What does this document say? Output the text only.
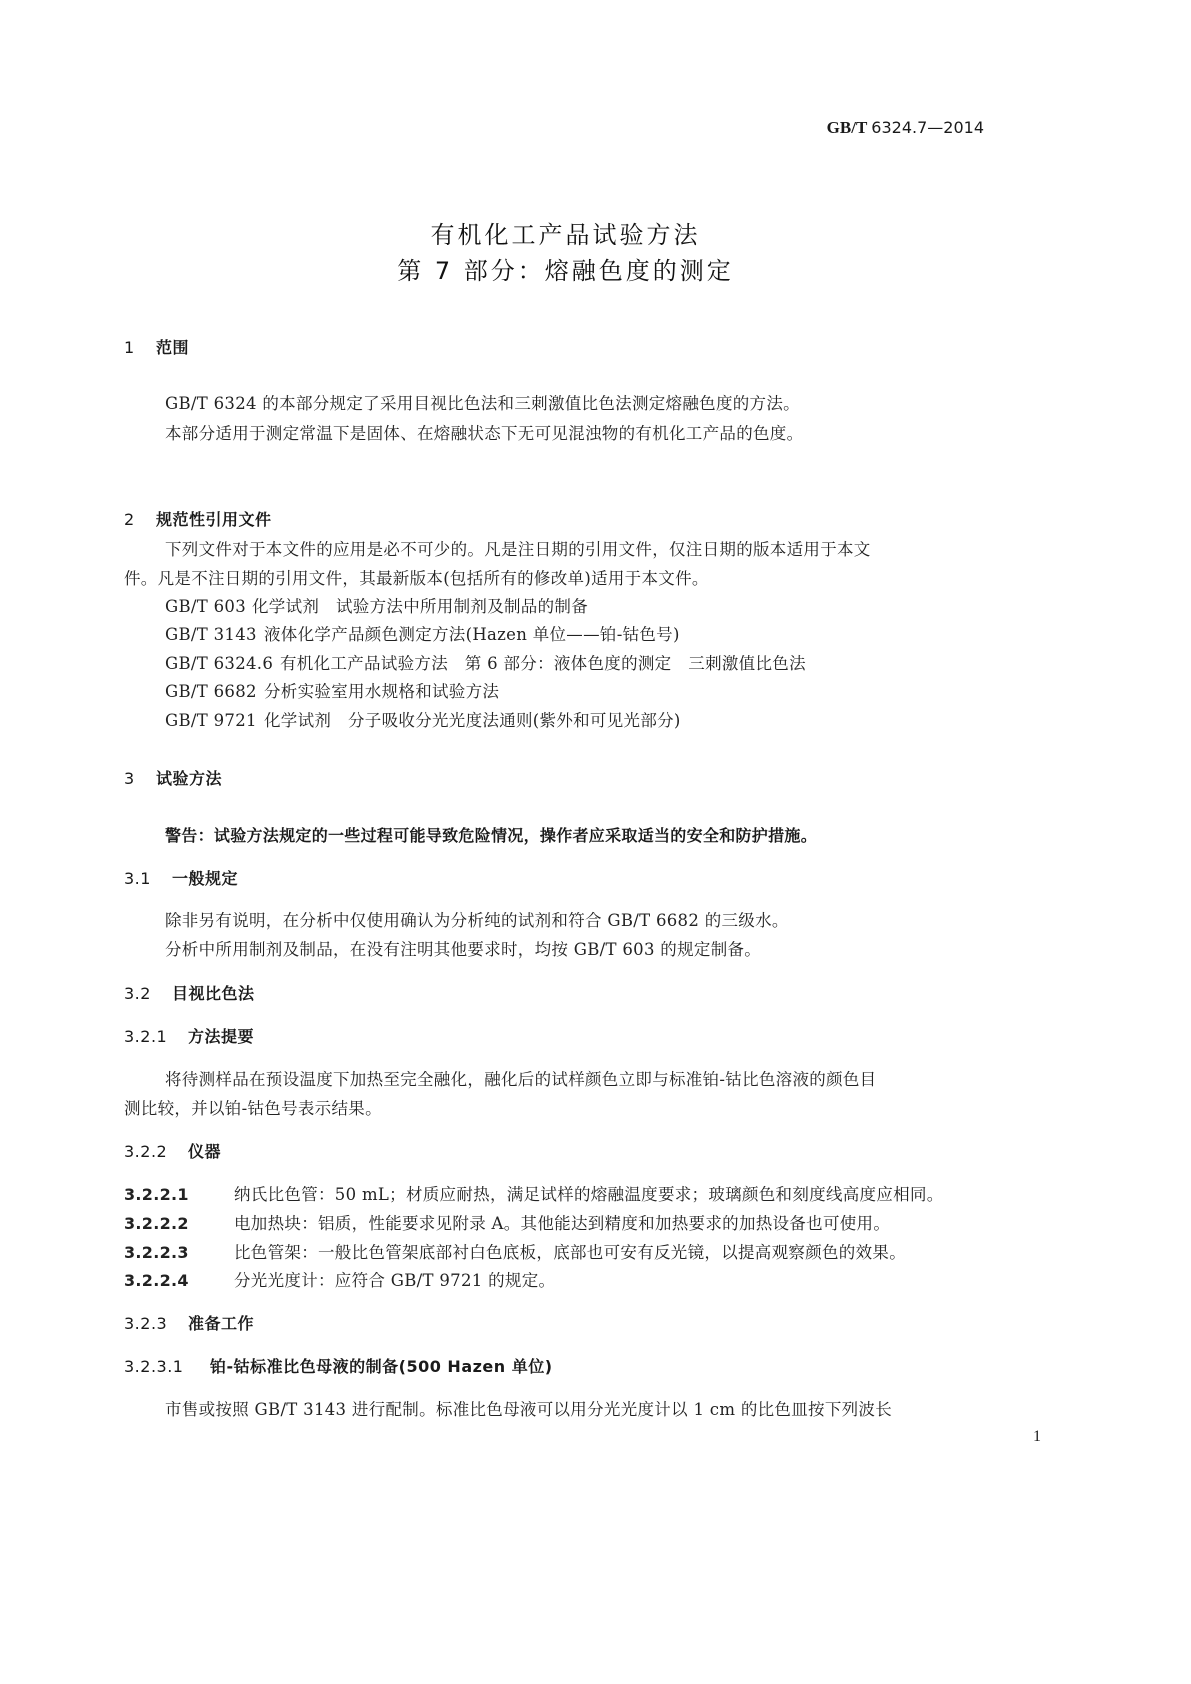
GB/T 6324.7—2014
有机化工产品试验方法
第 7 部分：熔融色度的测定
1 范围
GB/T 6324 的本部分规定了采用目视比色法和三刺激值比色法测定熔融色度的方法。
本部分适用于测定常温下是固体、在熔融状态下无可见混浊物的有机化工产品的色度。
2 规范性引用文件
下列文件对于本文件的应用是必不可少的。凡是注日期的引用文件，仅注日期的版本适用于本文
件。凡是不注日期的引用文件，其最新版本(包括所有的修改单)适用于本文件。
GB/T 603 化学试剂　试验方法中所用制剂及制品的制备
GB/T 3143 液体化学产品颜色测定方法(Hazen 单位——铂-钴色号)
GB/T 6324.6 有机化工产品试验方法　第 6 部分：液体色度的测定　三刺激值比色法
GB/T 6682 分析实验室用水规格和试验方法
GB/T 9721 化学试剂　分子吸收分光光度法通则(紫外和可见光部分)
3 试验方法
警告：试验方法规定的一些过程可能导致危险情况，操作者应采取适当的安全和防护措施。
3.1 一般规定
除非另有说明，在分析中仅使用确认为分析纯的试剂和符合 GB/T 6682 的三级水。
分析中所用制剂及制品，在没有注明其他要求时，均按 GB/T 603 的规定制备。
3.2 目视比色法
3.2.1 方法提要
将待测样品在预设温度下加热至完全融化，融化后的试样颜色立即与标准铂-钴比色溶液的颜色目
测比较，并以铂-钴色号表示结果。
3.2.2 仪器
3.2.2.1	纳氏比色管：50 mL；材质应耐热，满足试样的熔融温度要求；玻璃颜色和刻度线高度应相同。
3.2.2.2	电加热块：铝质，性能要求见附录 A。其他能达到精度和加热要求的加热设备也可使用。
3.2.2.3	比色管架：一般比色管架底部衬白色底板，底部也可安有反光镜，以提高观察颜色的效果。
3.2.2.4	分光光度计：应符合 GB/T 9721 的规定。
3.2.3 准备工作
3.2.3.1 铂-钴标准比色母液的制备(500 Hazen 单位)
市售或按照 GB/T 3143 进行配制。标准比色母液可以用分光光度计以 1 cm 的比色皿按下列波长
1
